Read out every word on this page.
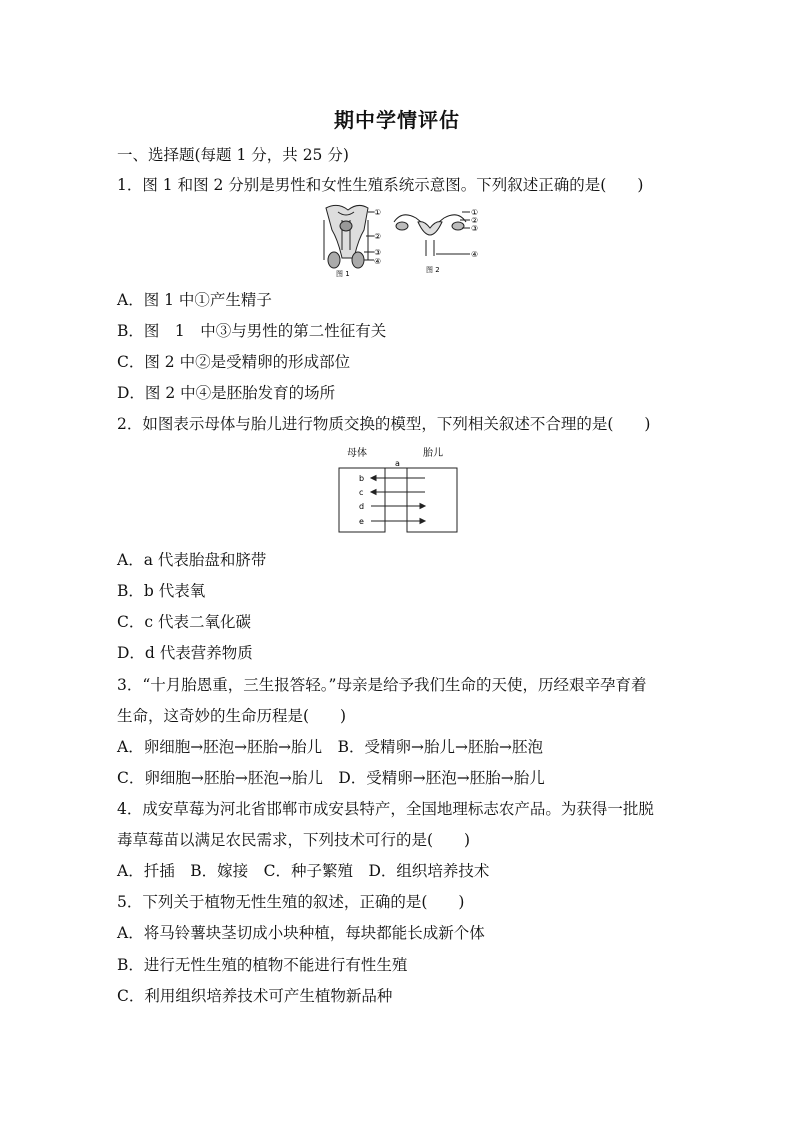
期中学情评估
一、选择题(每题 1 分，共 25 分)
1．图 1 和图 2 分别是男性和女性生殖系统示意图。下列叙述正确的是(　　)
①
②
③
④
图 1
①
②
③
④
图 2
A．图 1 中①产生精子
B．图　1　中③与男性的第二性征有关
C．图 2 中②是受精卵的形成部位
D．图 2 中④是胚胎发育的场所
2．如图表示母体与胎儿进行物质交换的模型，下列相关叙述不合理的是(　　)
母体	胎儿
a
b
c
d
e
A．a 代表胎盘和脐带
B．b 代表氧
C．c 代表二氧化碳
D．d 代表营养物质
3．“十月胎恩重，三生报答轻。”母亲是给予我们生命的天使，历经艰辛孕育着
生命，这奇妙的生命历程是(　　)
A．卵细胞→胚泡→胚胎→胎儿　B．受精卵→胎儿→胚胎→胚泡
C．卵细胞→胚胎→胚泡→胎儿　D．受精卵→胚泡→胚胎→胎儿
4．成安草莓为河北省邯郸市成安县特产，全国地理标志农产品。为获得一批脱
毒草莓苗以满足农民需求，下列技术可行的是(　　)
A．扦插　B．嫁接　C．种子繁殖　D．组织培养技术
5．下列关于植物无性生殖的叙述，正确的是(　　)
A．将马铃薯块茎切成小块种植，每块都能长成新个体
B．进行无性生殖的植物不能进行有性生殖
C．利用组织培养技术可产生植物新品种
